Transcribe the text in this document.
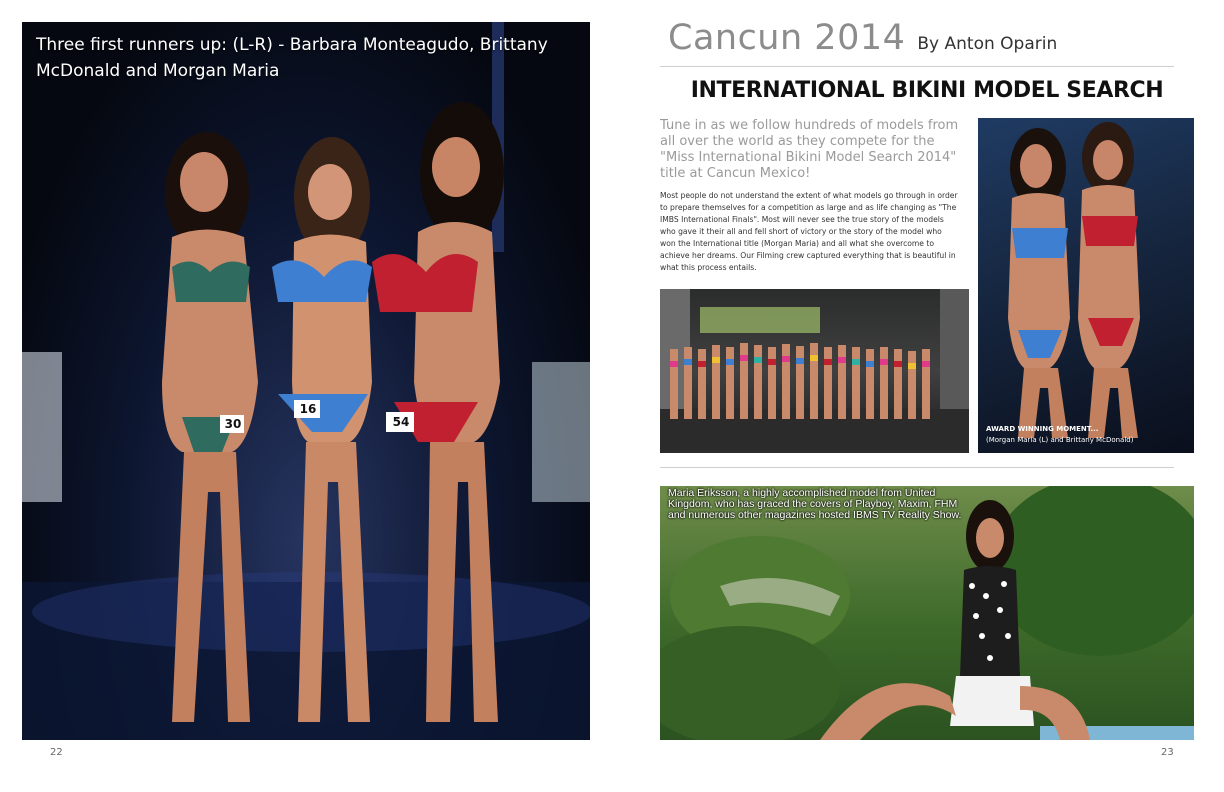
30
16
54
Three first runners up: (L-R) - Barbara Monteagudo, Brittany McDonald and Morgan Maria
22
Cancun 2014 By Anton Oparin
INTERNATIONAL BIKINI MODEL SEARCH
Tune in as we follow hundreds of models from all over the world as they compete for the "Miss International Bikini Model Search 2014" title at Cancun Mexico!
Most people do not understand the extent of what models go through in order to prepare themselves for a competition as large and as life changing as "The IMBS International Finals". Most will never see the true story of the models who gave it their all and fell short of victory or the story of the model who won the International title (Morgan Maria) and all what she overcome to achieve her dreams. Our Filming crew captured everything that is beautiful in what this process entails.
AWARD WINNING MOMENT...
(Morgan Maria (L) and Brittany McDonald)
Maria Eriksson, a highly accomplished model from United Kingdom, who has graced the covers of Playboy, Maxim, FHM and numerous other magazines hosted IBMS TV Reality Show.
23
